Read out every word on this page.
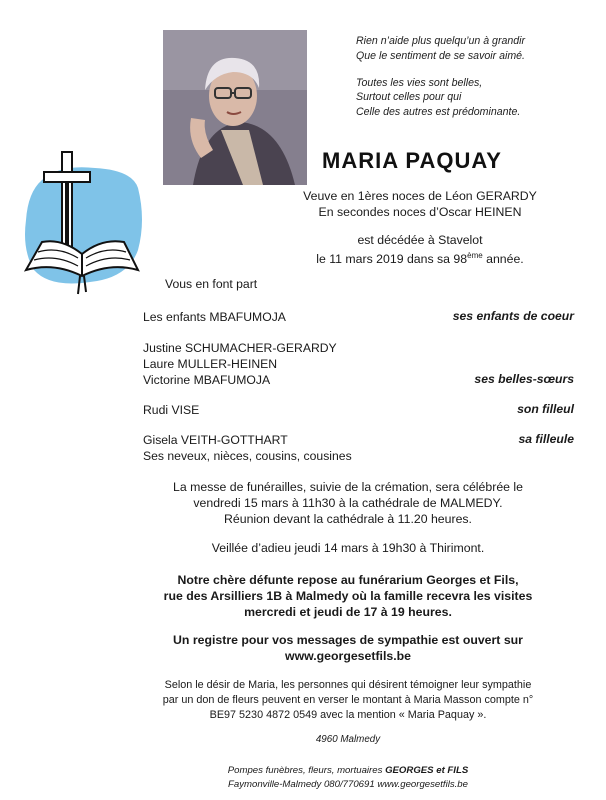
Rien n’aide plus quelqu’un à grandir
Que le sentiment de se savoir aimé.

Toutes les vies sont belles,
Surtout celles pour qui
Celle des autres est prédominante.

MARIA PAQUAY
Veuve en 1ères noces de Léon GERARDY
En secondes noces d’Oscar HEINEN
est décédée à Stavelot
le 11 mars 2019 dans sa 98ème année.
Vous en font part
Les enfants MBAFUMOJA	ses enfants de coeur
Justine SCHUMACHER-GERARDY
Laure MULLER-HEINEN
Victorine MBAFUMOJA	ses belles-sœurs
Rudi VISE	son filleul
Gisela VEITH-GOTTHART	sa filleule
Ses neveux, nièces, cousins, cousines
La messe de funérailles, suivie de la crémation, sera célébrée le
vendredi 15 mars à 11h30 à la cathédrale de MALMEDY.
Réunion devant la cathédrale à 11.20 heures.
Veillée d’adieu jeudi 14 mars à 19h30 à Thirimont.
Notre chère défunte repose au funérarium Georges et Fils,
rue des Arsilliers 1B à Malmedy où la famille recevra les visites
mercredi et jeudi de 17 à 19 heures.
Un registre pour vos messages de sympathie est ouvert sur
www.georgesetfils.be
Selon le désir de Maria, les personnes qui désirent témoigner leur sympathie
par un don de fleurs peuvent en verser le montant à Maria Masson compte n°
BE97 5230 4872 0549 avec la mention « Maria Paquay ».
4960 Malmedy
Pompes funèbres, fleurs, mortuaires GEORGES et FILS
Faymonville-Malmedy 080/770691 www.georgesetfils.be
